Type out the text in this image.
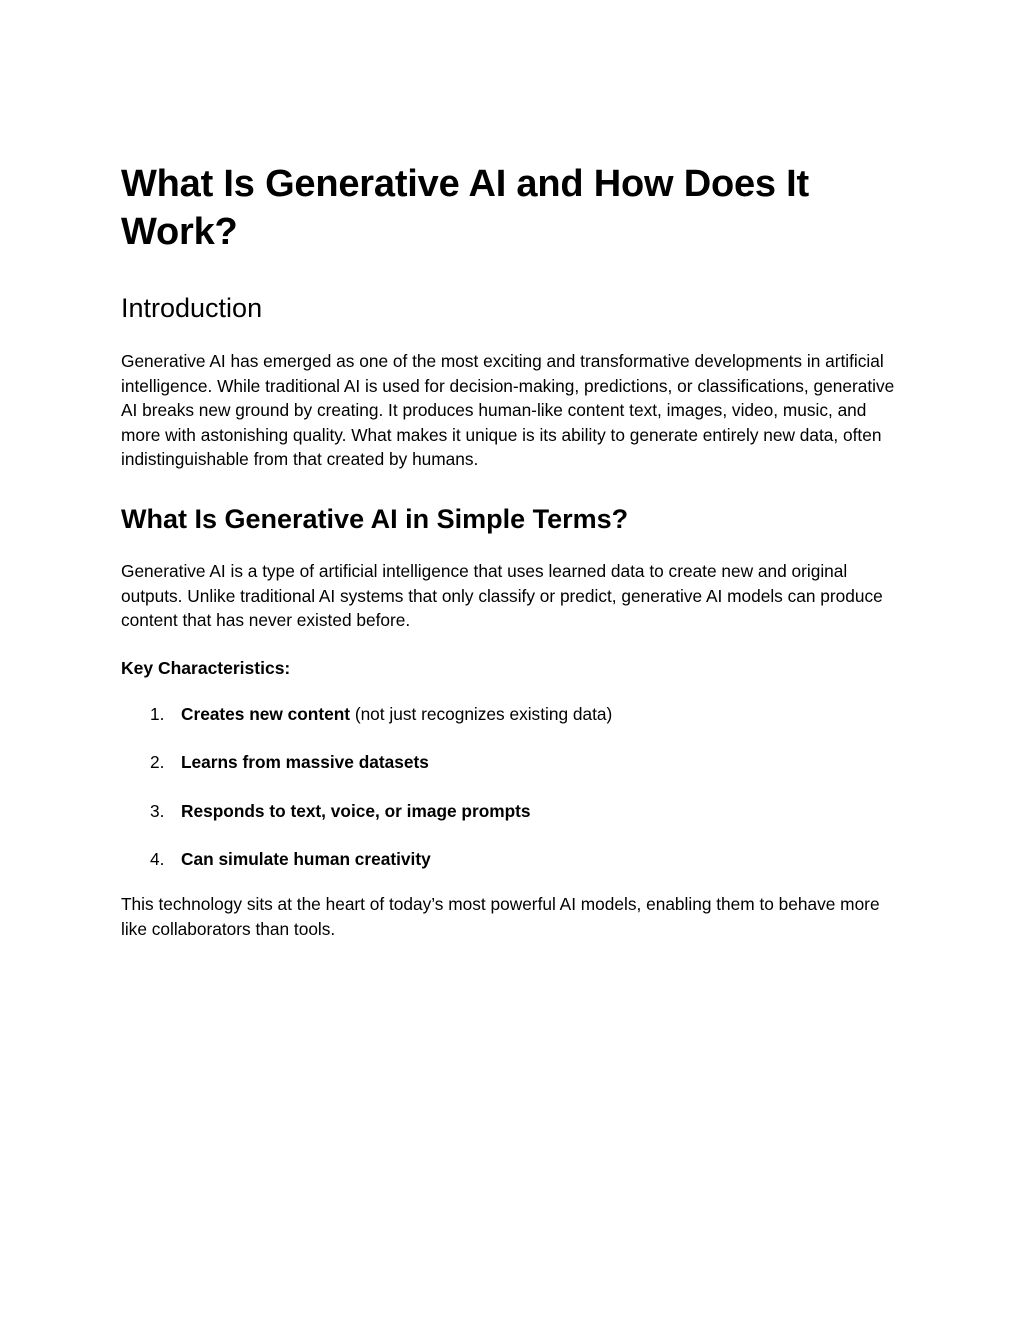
What Is Generative AI and How Does It Work?
Introduction

Generative AI has emerged as one of the most exciting and transformative developments in artificial intelligence. While traditional AI is used for decision-making, predictions, or classifications, generative AI breaks new ground by creating. It produces human-like content text, images, video, music, and more with astonishing quality. What makes it unique is its ability to generate entirely new data, often indistinguishable from that created by humans.

What Is Generative AI in Simple Terms?

Generative AI is a type of artificial intelligence that uses learned data to create new and original outputs. Unlike traditional AI systems that only classify or predict, generative AI models can produce content that has never existed before.

Key Characteristics:
1. Creates new content (not just recognizes existing data)
2. Learns from massive datasets
3. Responds to text, voice, or image prompts
4. Can simulate human creativity

This technology sits at the heart of today’s most powerful AI models, enabling them to behave more like collaborators than tools.
